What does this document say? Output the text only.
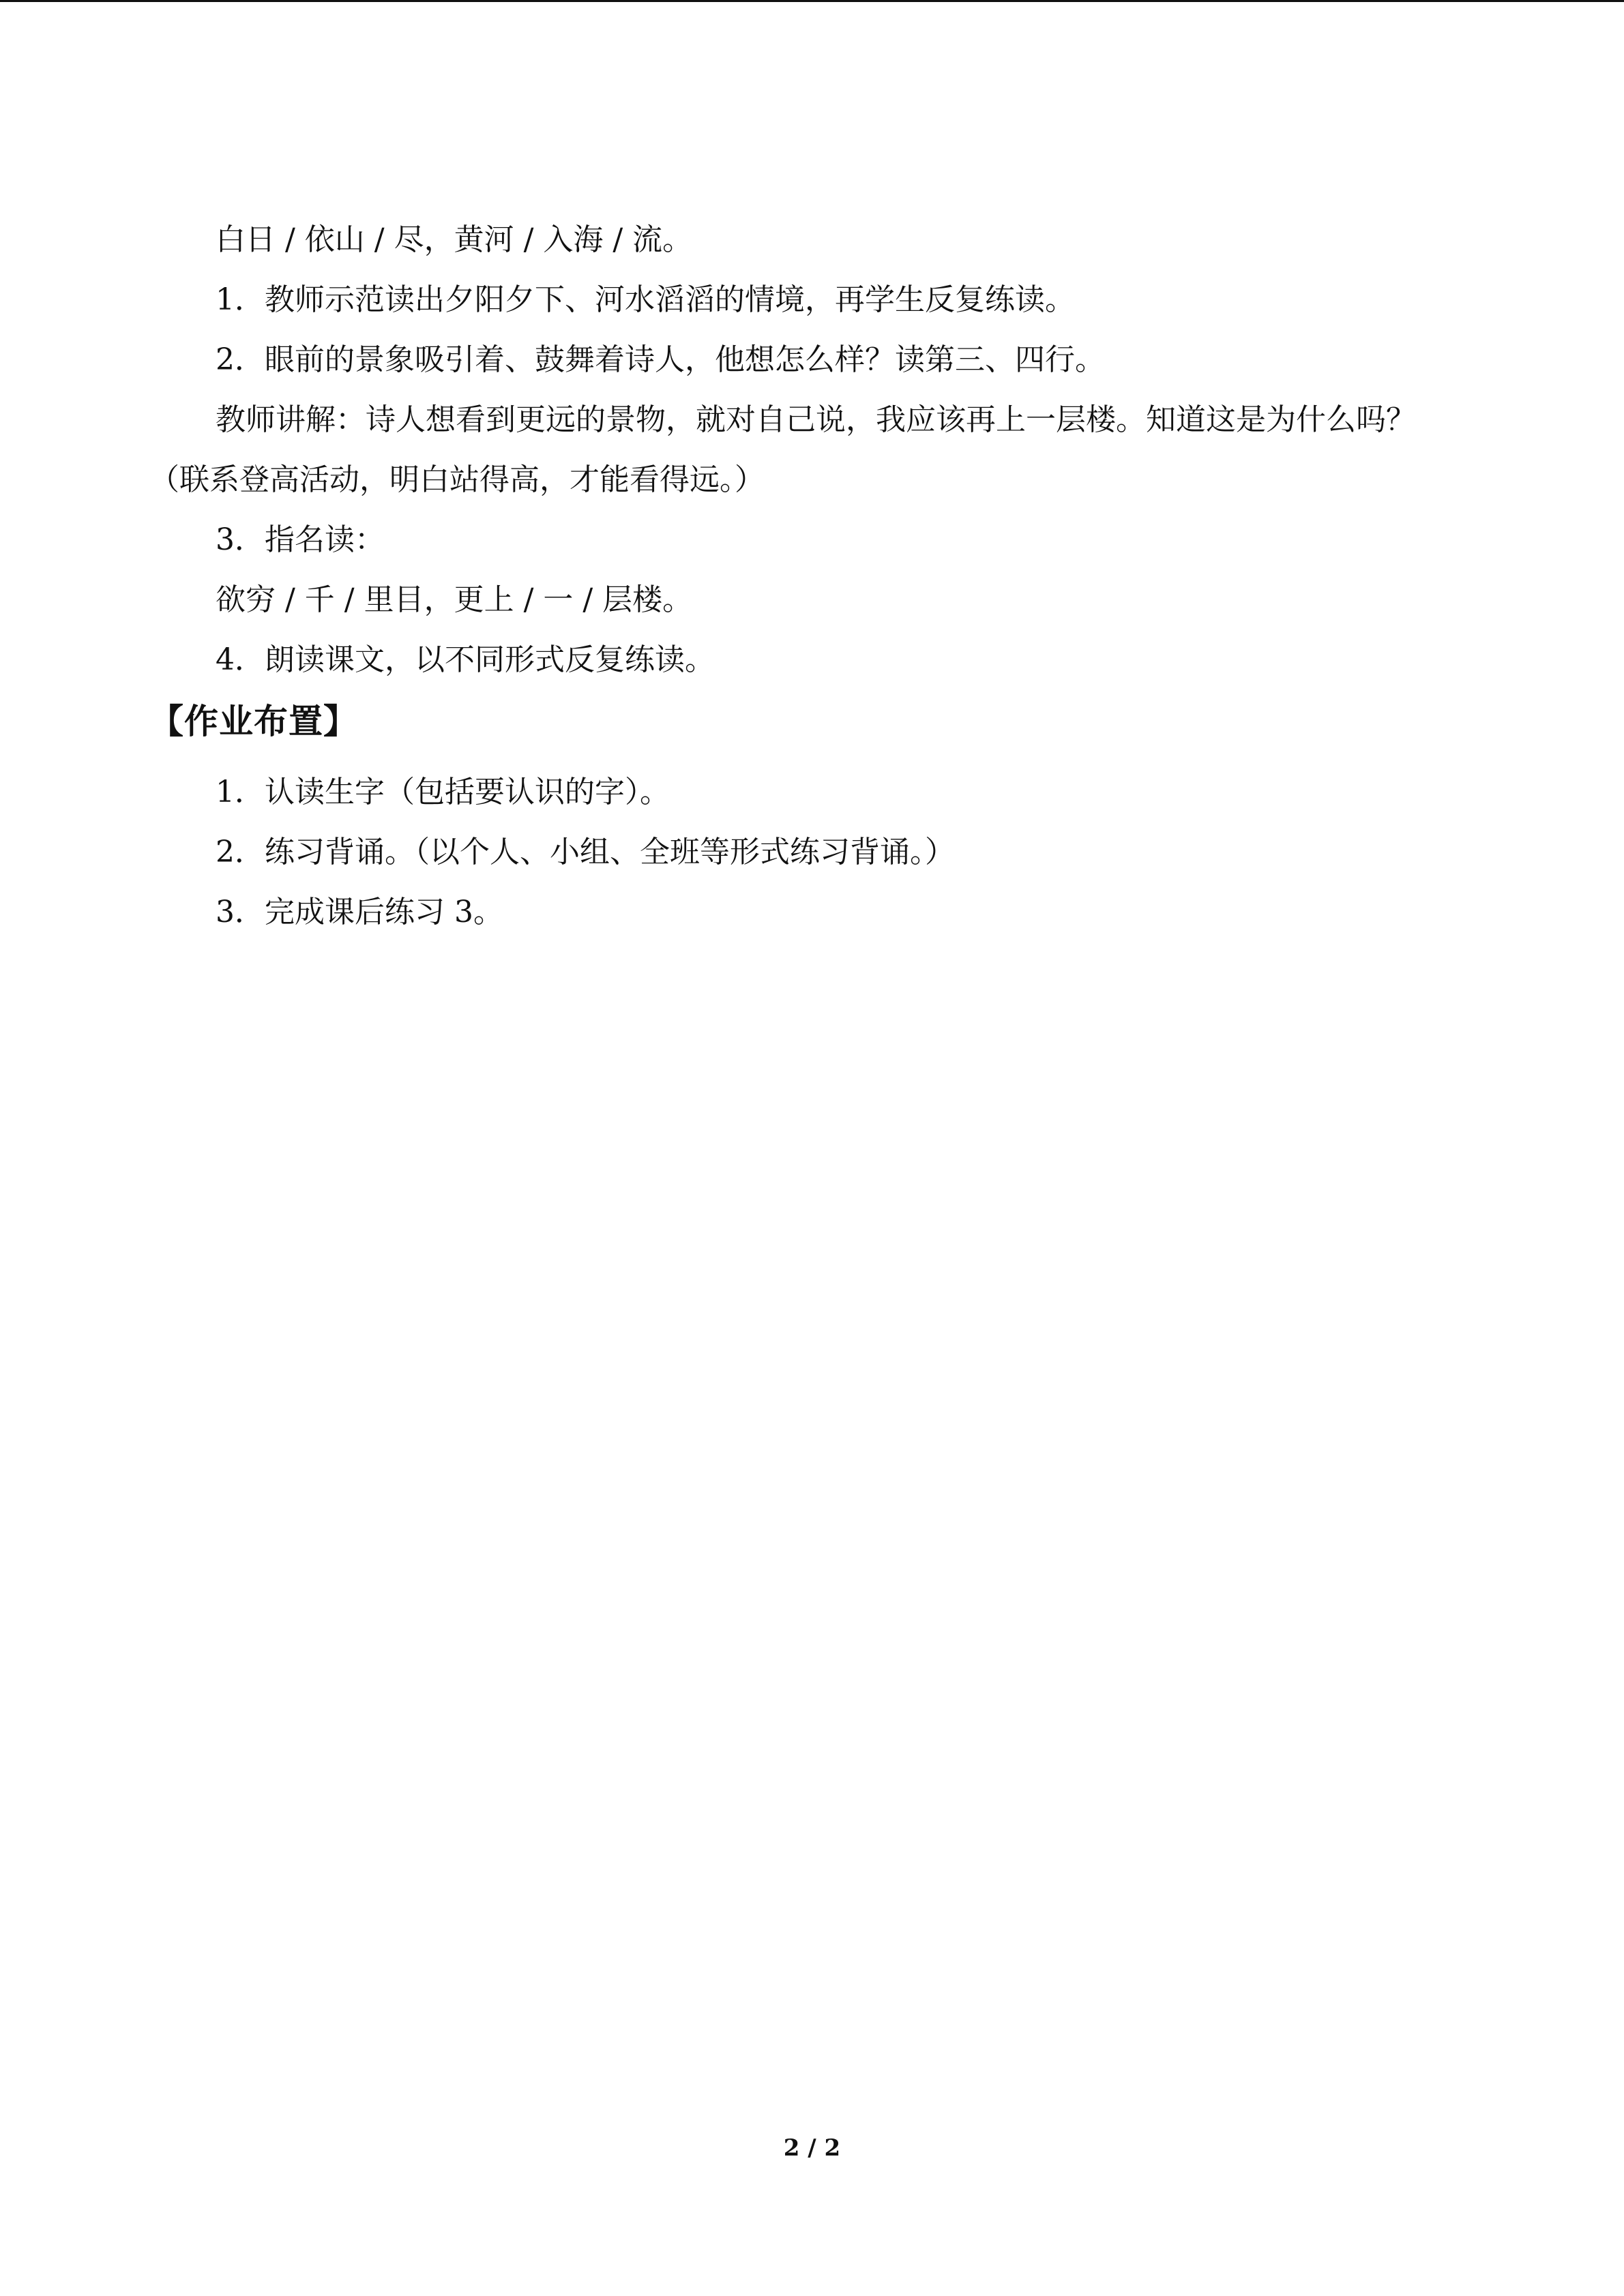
白日 / 依山 / 尽，黄河 / 入海 / 流。

1．教师示范读出夕阳夕下、河水滔滔的情境，再学生反复练读。

2．眼前的景象吸引着、鼓舞着诗人，他想怎么样？读第三、四行。

教师讲解：诗人想看到更远的景物，就对自己说，我应该再上一层楼。知道这是为什么吗？（联系登高活动，明白站得高，才能看得远。）

3．指名读：

欲穷 / 千 / 里目，更上 / 一 / 层楼。

4．朗读课文，以不同形式反复练读。

【作业布置】

1．认读生字（包括要认识的字）。

2．练习背诵。（以个人、小组、全班等形式练习背诵。）

3．完成课后练习 3。

2 / 2
